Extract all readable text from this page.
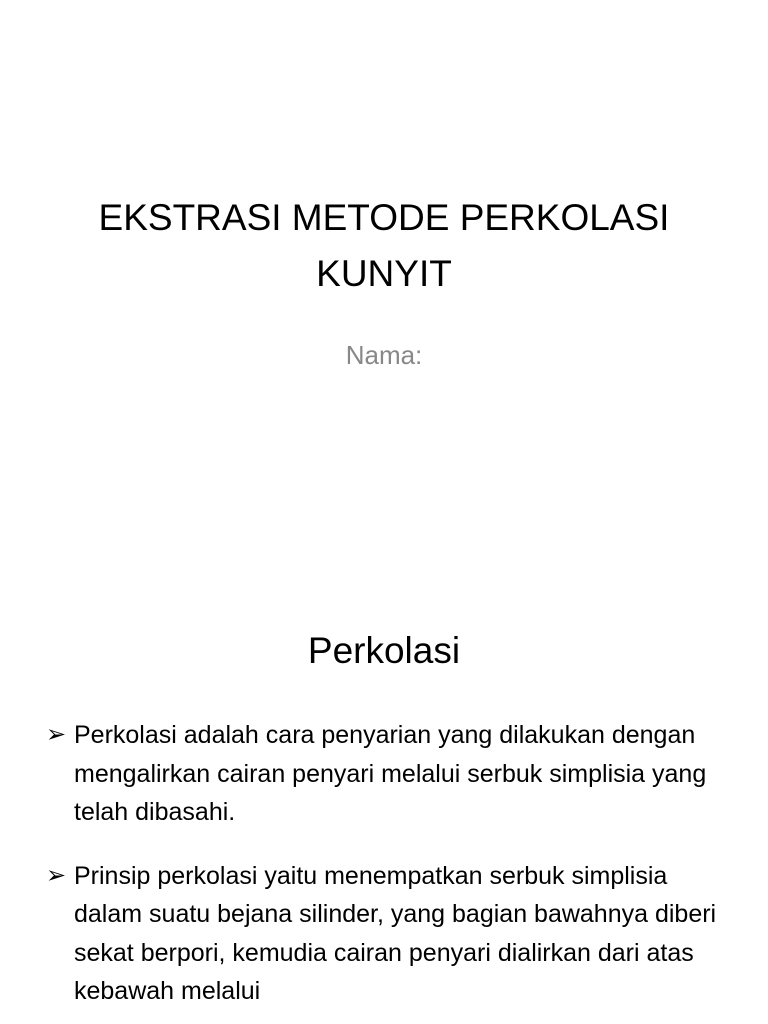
EKSTRASI METODE PERKOLASI
KUNYIT

Nama:

Perkolasi
➢ Perkolasi adalah cara penyarian yang dilakukan dengan mengalirkan cairan penyari melalui serbuk simplisia yang telah dibasahi.
➢ Prinsip perkolasi yaitu menempatkan serbuk simplisia dalam suatu bejana silinder, yang bagian bawahnya diberi sekat berpori, kemudia cairan penyari dialirkan dari atas kebawah melalui
